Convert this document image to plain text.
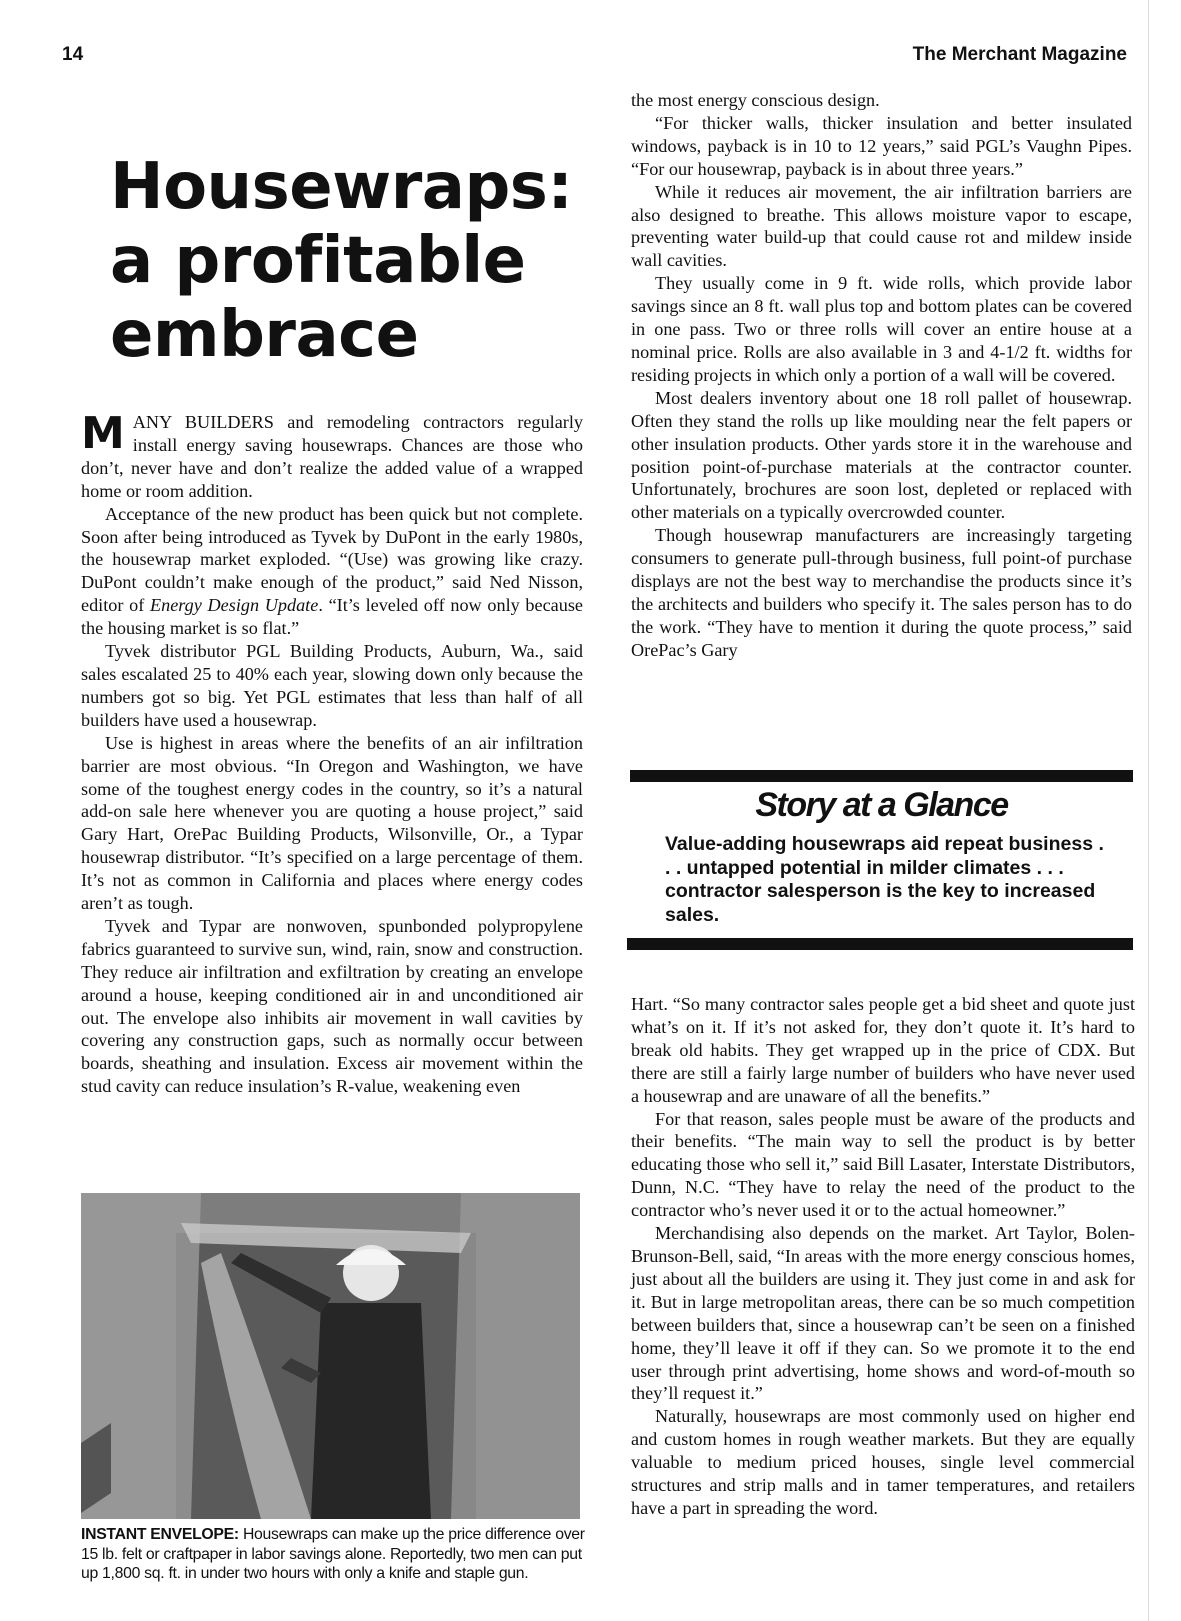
14	The Merchant Magazine
Housewraps:
a profitable
embrace

MANY BUILDERS and remodeling contractors regularly install energy saving housewraps. Chances are those who don’t, never have and don’t realize the added value of a wrapped home or room addition.

Acceptance of the new product has been quick but not complete. Soon after being introduced as Tyvek by DuPont in the early 1980s, the housewrap market exploded. “(Use) was growing like crazy. DuPont couldn’t make enough of the product,” said Ned Nisson, editor of Energy Design Update. “It’s leveled off now only because the housing market is so flat.”

Tyvek distributor PGL Building Products, Auburn, Wa., said sales escalated 25 to 40% each year, slowing down only because the numbers got so big. Yet PGL estimates that less than half of all builders have used a housewrap.

Use is highest in areas where the benefits of an air infiltration barrier are most obvious. “In Oregon and Washington, we have some of the toughest energy codes in the country, so it’s a natural add-on sale here whenever you are quoting a house project,” said Gary Hart, OrePac Building Products, Wilsonville, Or., a Typar housewrap distributor. “It’s specified on a large percentage of them. It’s not as common in California and places where energy codes aren’t as tough.

Tyvek and Typar are nonwoven, spunbonded polypropylene fabrics guaranteed to survive sun, wind, rain, snow and construction. They reduce air infiltration and exfiltration by creating an envelope around a house, keeping conditioned air in and unconditioned air out. The envelope also inhibits air movement in wall cavities by covering any construction gaps, such as normally occur between boards, sheathing and insulation. Excess air movement within the stud cavity can reduce insulation’s R-value, weakening even

INSTANT ENVELOPE: Housewraps can make up the price difference over 15 lb. felt or craftpaper in labor savings alone. Reportedly, two men can put up 1,800 sq. ft. in under two hours with only a knife and staple gun.

the most energy conscious design.

“For thicker walls, thicker insulation and better insulated windows, payback is in 10 to 12 years,” said PGL’s Vaughn Pipes. “For our housewrap, payback is in about three years.”

While it reduces air movement, the air infiltration barriers are also designed to breathe. This allows moisture vapor to escape, preventing water build-up that could cause rot and mildew inside wall cavities.

They usually come in 9 ft. wide rolls, which provide labor savings since an 8 ft. wall plus top and bottom plates can be covered in one pass. Two or three rolls will cover an entire house at a nominal price. Rolls are also available in 3 and 4-1/2 ft. widths for residing projects in which only a portion of a wall will be covered.

Most dealers inventory about one 18 roll pallet of housewrap. Often they stand the rolls up like moulding near the felt papers or other insulation products. Other yards store it in the warehouse and position point-of-purchase materials at the contractor counter. Unfortunately, brochures are soon lost, depleted or replaced with other materials on a typically overcrowded counter.

Though housewrap manufacturers are increasingly targeting consumers to generate pull-through business, full point-of purchase displays are not the best way to merchandise the products since it’s the architects and builders who specify it. The sales person has to do the work. “They have to mention it during the quote process,” said OrePac’s Gary

Story at a Glance
Value-adding housewraps aid repeat business . . . untapped potential in milder climates . . . contractor salesperson is the key to increased sales.

Hart. “So many contractor sales people get a bid sheet and quote just what’s on it. If it’s not asked for, they don’t quote it. It’s hard to break old habits. They get wrapped up in the price of CDX. But there are still a fairly large number of builders who have never used a housewrap and are unaware of all the benefits.”

For that reason, sales people must be aware of the products and their benefits. “The main way to sell the product is by better educating those who sell it,” said Bill Lasater, Interstate Distributors, Dunn, N.C. “They have to relay the need of the product to the contractor who’s never used it or to the actual homeowner.”

Merchandising also depends on the market. Art Taylor, Bolen-Brunson-Bell, said, “In areas with the more energy conscious homes, just about all the builders are using it. They just come in and ask for it. But in large metropolitan areas, there can be so much competition between builders that, since a housewrap can’t be seen on a finished home, they’ll leave it off if they can. So we promote it to the end user through print advertising, home shows and word-of-mouth so they’ll request it.”

Naturally, housewraps are most commonly used on higher end and custom homes in rough weather markets. But they are equally valuable to medium priced houses, single level commercial structures and strip malls and in tamer temperatures, and retailers have a part in spreading the word.
